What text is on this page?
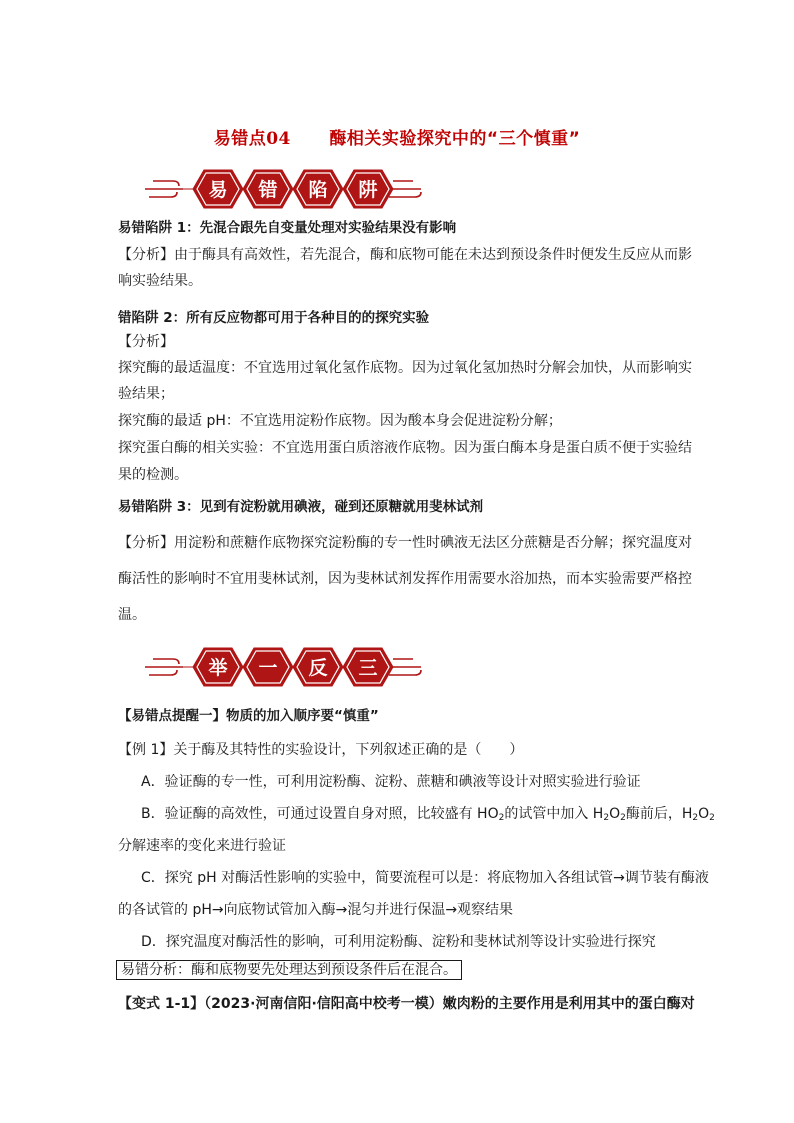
易错点04 酶相关实验探究中的“三个慎重”
易 错 陷 阱
易错陷阱 1：先混合跟先自变量处理对实验结果没有影响
【分析】由于酶具有高效性，若先混合，酶和底物可能在未达到预设条件时便发生反应从而影
响实验结果。
错陷阱 2：所有反应物都可用于各种目的的探究实验
【分析】
探究酶的最适温度：不宜选用过氧化氢作底物。因为过氧化氢加热时分解会加快，从而影响实
验结果；
探究酶的最适 pH：不宜选用淀粉作底物。因为酸本身会促进淀粉分解；
探究蛋白酶的相关实验：不宜选用蛋白质溶液作底物。因为蛋白酶本身是蛋白质不便于实验结
果的检测。
易错陷阱 3：见到有淀粉就用碘液，碰到还原糖就用斐林试剂
【分析】用淀粉和蔗糖作底物探究淀粉酶的专一性时碘液无法区分蔗糖是否分解；探究温度对
酶活性的影响时不宜用斐林试剂，因为斐林试剂发挥作用需要水浴加热，而本实验需要严格控
温。
举 一 反 三
【易错点提醒一】物质的加入顺序要“慎重”
【例 1】关于酶及其特性的实验设计，下列叙述正确的是（　　）
A．验证酶的专一性，可利用淀粉酶、淀粉、蔗糖和碘液等设计对照实验进行验证
B．验证酶的高效性，可通过设置自身对照，比较盛有 $HO_2$的试管中加入 $H_2O_2$酶前后，$H_2O_2$
分解速率的变化来进行验证
C．探究 pH 对酶活性影响的实验中，简要流程可以是：将底物加入各组试管→调节装有酶液
的各试管的 pH→向底物试管加入酶→混匀并进行保温→观察结果
D．探究温度对酶活性的影响，可利用淀粉酶、淀粉和斐林试剂等设计实验进行探究
易错分析：酶和底物要先处理达到预设条件后在混合。
【变式 1-1】（2023·河南信阳·信阳高中校考一模）嫩肉粉的主要作用是利用其中的蛋白酶对
